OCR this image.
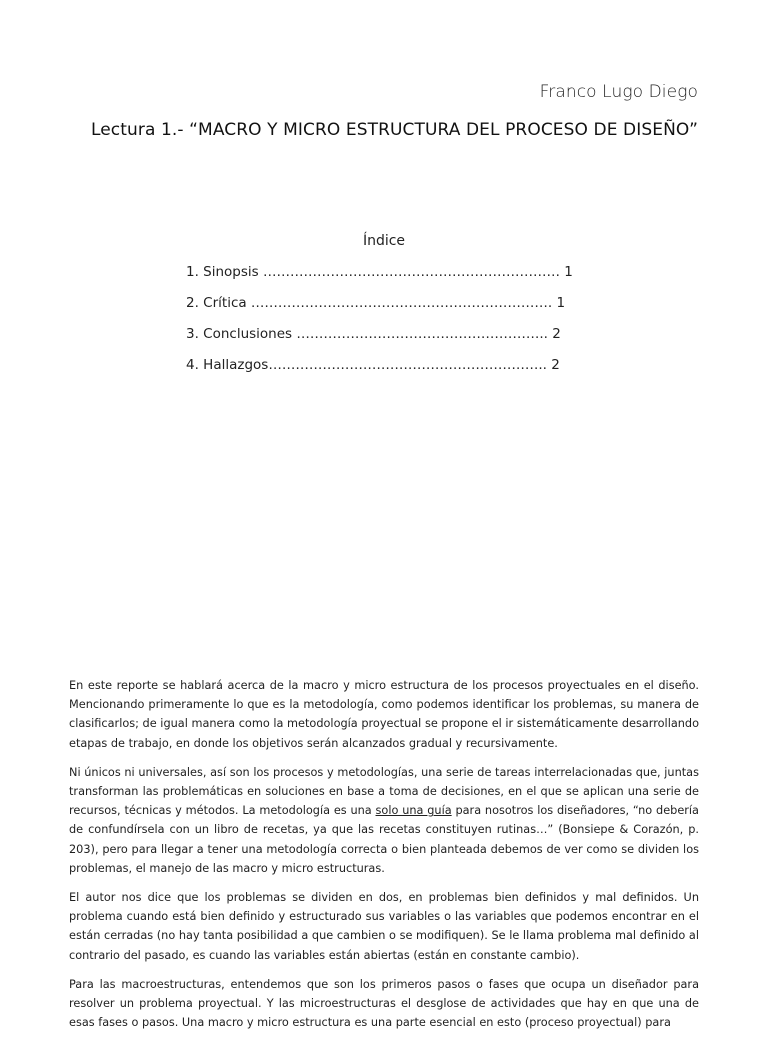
Franco Lugo Diego
Lectura 1.- “MACRO Y MICRO ESTRUCTURA DEL PROCESO DE DISEÑO”
Índice
1. Sinopsis ………………………………………………………… 1
2. Crítica …………………………………………………………. 1
3. Conclusiones ……………………………………………….. 2
4. Hallazgos…………………………………………………….. 2

En este reporte se hablará acerca de la macro y micro estructura de los procesos proyectuales en el diseño. Mencionando primeramente lo que es la metodología, como podemos identificar los problemas, su manera de clasificarlos; de igual manera como la metodología proyectual se propone el ir sistemáticamente desarrollando etapas de trabajo, en donde los objetivos serán alcanzados gradual y recursivamente.

Ni únicos ni universales, así son los procesos y metodologías, una serie de tareas interrelacionadas que, juntas transforman las problemáticas en soluciones en base a toma de decisiones, en el que se aplican una serie de recursos, técnicas y métodos. La metodología es una solo una guía para nosotros los diseñadores, “no debería de confundírsela con un libro de recetas, ya que las recetas constituyen rutinas…” (Bonsiepe & Corazón, p. 203), pero para llegar a tener una metodología correcta o bien planteada debemos de ver como se dividen los problemas, el manejo de las macro y micro estructuras.

El autor nos dice que los problemas se dividen en dos, en problemas bien definidos y mal definidos. Un problema cuando está bien definido y estructurado sus variables o las variables que podemos encontrar en el están cerradas (no hay tanta posibilidad a que cambien o se modifiquen). Se le llama problema mal definido al contrario del pasado, es cuando las variables están abiertas (están en constante cambio).

Para las macroestructuras, entendemos que son los primeros pasos o fases que ocupa un diseñador para resolver un problema proyectual. Y las microestructuras el desglose de actividades que hay en que una de esas fases o pasos. Una macro y micro estructura es una parte esencial en esto (proceso proyectual) para
